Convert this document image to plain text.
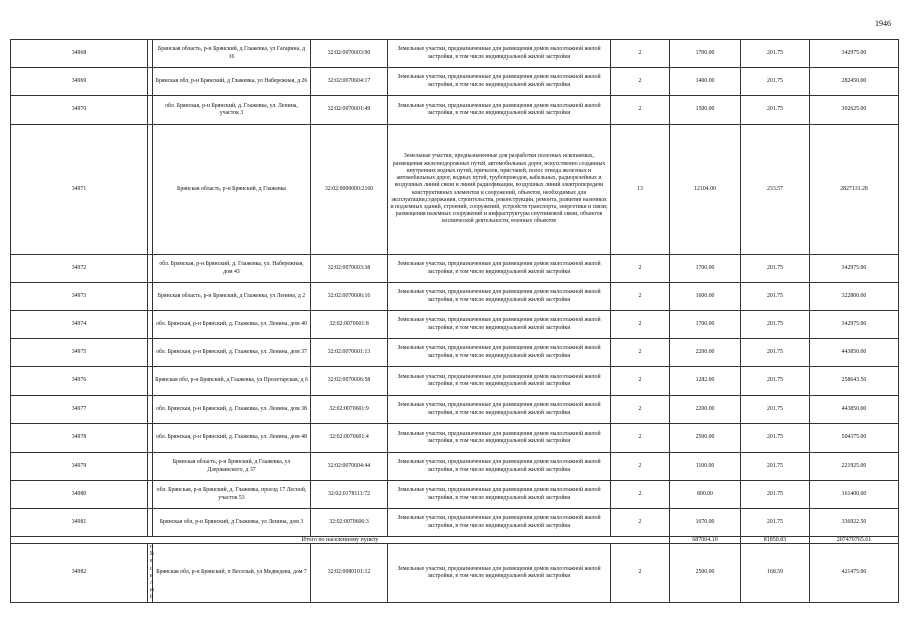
1946
34968		Брянская область, р-н Брянский, д Глажевка, ул Гагарина, д 16	32:02:0070603:90	Земельные участки, предназначенные для размещения домов малоэтажной жилой застройки, в том числе индивидуальной жилой застройки	2	1700.00	201.75	342975.00
34969		Брянская обл, р-н Брянский, д Глажевка, ул Набережная, д 26	32:02:0070604:17	Земельные участки, предназначенные для размещения домов малоэтажной жилой застройки, в том числе индивидуальной жилой застройки	2	1400.00	201.75	282450.00
34970		обл. Брянская, р-н Брянский, д. Глажевка, ул. Ленина, участок 3	32:02:0070601:49	Земельные участки, предназначенные для размещения домов малоэтажной жилой застройки, в том числе индивидуальной жилой застройки	2	1500.00	201.75	302625.00
34971		Брянская область, р-н Брянский, д Глажевка	32:02:0000000:2160	Земельные участки, предназначенные для разработки полезных ископаемых, размещения железнодорожных путей, автомобильных дорог, искусственно созданных внутренних водных путей, причалов, пристаней, полос отвода железных и автомобильных дорог, водных путей, трубопроводов, кабельных, радиорелейных и воздушных линий связи и линий радиофикации, воздушных линий электропередачи конструктивных элементов и сооружений, объектов, необходимых для эксплуатации,содержания, строительства, реконструкции, ремонта, развития наземных и подземных зданий, строений, сооружений, устройств транспорта, энергетики и связи; размещения наземных сооружений и инфраструктуры спутниковой связи, объектов космической деятельности, военных объектов	13	12104.00	233.57	2827131.28
34972		обл. Брянская, р-н Брянский, д. Глажевка, ул. Набережная, дом 43	32:02:0070603:38	Земельные участки, предназначенные для размещения домов малоэтажной жилой застройки, в том числе индивидуальной жилой застройки	2	1700.00	201.75	342975.00
34973		Брянская область, р-н Брянский, д Глажевка, ул Ленина, д 2	32:02:0070606:16	Земельные участки, предназначенные для размещения домов малоэтажной жилой застройки, в том числе индивидуальной жилой застройки	2	1600.00	201.75	322800.00
34974		обл. Брянская, р-н Брянский, д. Глажевка, ул. Ленина, дом 40	32:02:0070601:8	Земельные участки, предназначенные для размещения домов малоэтажной жилой застройки, в том числе индивидуальной жилой застройки	2	1700.00	201.75	342975.00
34975		обл. Брянская, р-н Брянский, д. Глажевка, ул. Ленина, дом 37	32:02:0070601:13	Земельные участки, предназначенные для размещения домов малоэтажной жилой застройки, в том числе индивидуальной жилой застройки	2	2200.00	201.75	443850.00
34976		Брянская обл, р-н Брянский, д Глажевка, ул Пролетарская, д 6	32:02:0070606:58	Земельные участки, предназначенные для размещения домов малоэтажной жилой застройки, в том числе индивидуальной жилой застройки	2	1282.00	201.75	258643.50
34977		обл. Брянская, р-н Брянский, д. Глажевка, ул. Ленина, дом 38	32:02:0070601:9	Земельные участки, предназначенные для размещения домов малоэтажной жилой застройки, в том числе индивидуальной жилой застройки	2	2200.00	201.75	443850.00
34978		обл. Брянская, р-н Брянский, д. Глажевка, ул. Ленина, дом 48	32:02:0070601:4	Земельные участки, предназначенные для размещения домов малоэтажной жилой застройки, в том числе индивидуальной жилой застройки	2	2500.00	201.75	504375.00
34979		Брянская область, р-н Брянский, д Глажевка, ул Дзержинского, д 37	32:02:0070604:44	Земельные участки, предназначенные для размещения домов малоэтажной жилой застройки, в том числе индивидуальной жилой застройки	2	1100.00	201.75	221925.00
34980		обл. Брянская, р-н Брянский, д. Глажевка, проезд 17 Лесной, участок 53	32:02:0178111:72	Земельные участки, предназначенные для размещения домов малоэтажной жилой застройки, в том числе индивидуальной жилой застройки	2	800.00	201.75	161400.00
34981		Брянская обл, р-н Брянский, д Глажевка, ул Ленина, дом 3	32:02:0070606:3	Земельные участки, предназначенные для размещения домов малоэтажной жилой застройки, в том числе индивидуальной жилой застройки	2	1670.00	201.75	336922.50
Итого по населенному пункту						687004.10	81850.83	207470765.61
34982	п Веселый	Брянская обл, р-н Брянский, п Веселый, ул Медведева, дом 7	32:02:0080101:12	Земельные участки, предназначенные для размещения домов малоэтажной жилой застройки, в том числе индивидуальной жилой застройки	2	2500.00	168.59	421475.00
